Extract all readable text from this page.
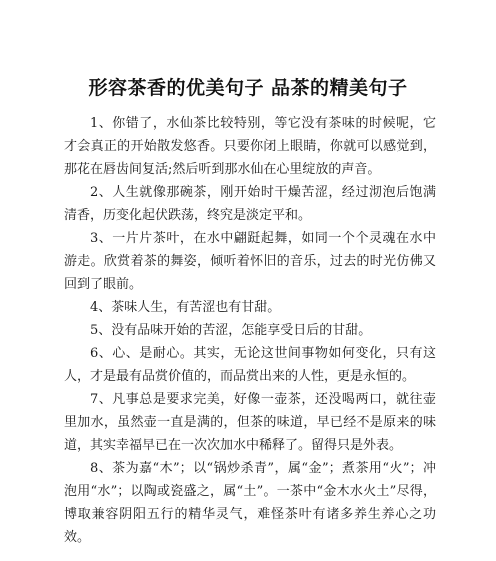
形容茶香的优美句子 品茶的精美句子

1、你错了，水仙茶比较特别，等它没有茶味的时候呢，它才会真正的开始散发悠香。只要你闭上眼睛，你就可以感觉到，那花在唇齿间复活;然后听到那水仙在心里绽放的声音。

2、人生就像那碗茶，刚开始时干燥苦涩，经过沏泡后饱满清香，历变化起伏跌荡，终究是淡定平和。

3、一片片茶叶，在水中翩跹起舞，如同一个个灵魂在水中游走。欣赏着茶的舞姿，倾听着怀旧的音乐，过去的时光仿佛又回到了眼前。

4、茶味人生，有苦涩也有甘甜。

5、没有品味开始的苦涩，怎能享受日后的甘甜。

6、心、是耐心。其实，无论这世间事物如何变化，只有这人，才是最有品赏价值的，而品赏出来的人性，更是永恒的。

7、凡事总是要求完美，好像一壶茶，还没喝两口，就往壶里加水，虽然壶一直是满的，但茶的味道，早已经不是原来的味道，其实幸福早已在一次次加水中稀释了。留得只是外表。

8、茶为嘉“木”；以“锅炒杀青”，属“金”；煮茶用“火”；冲泡用“水”；以陶或瓷盛之，属“土”。一茶中“金木水火土”尽得，博取兼容阴阳五行的精华灵气，难怪茶叶有诸多养生养心之功效。
